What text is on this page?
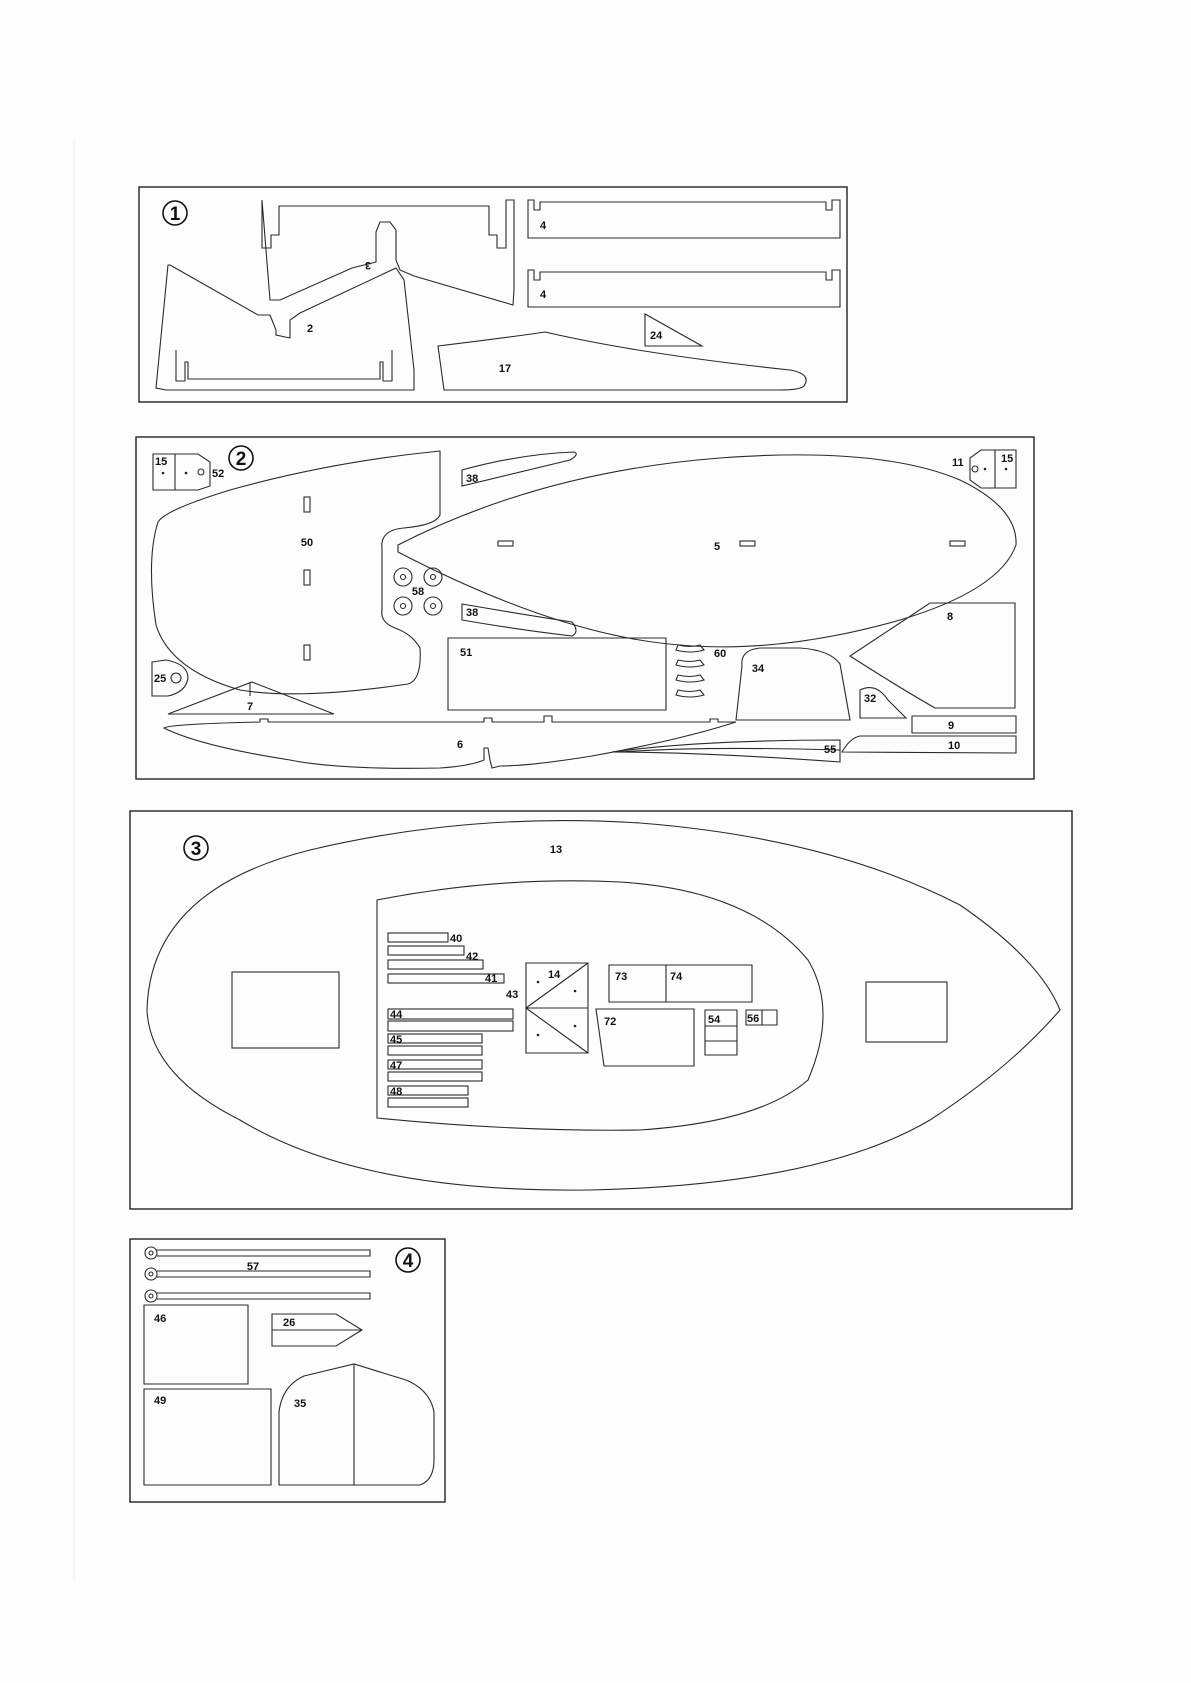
1
3
2
4
4
24
17
2
15
52
11	15
38
38
50	5
58
8
51	60
34
25
7
32
9
6	55	10
3	13
40
42
41
43
44
45
47
48
14	73	74
72	54 56
4
57
46	26
49	35
